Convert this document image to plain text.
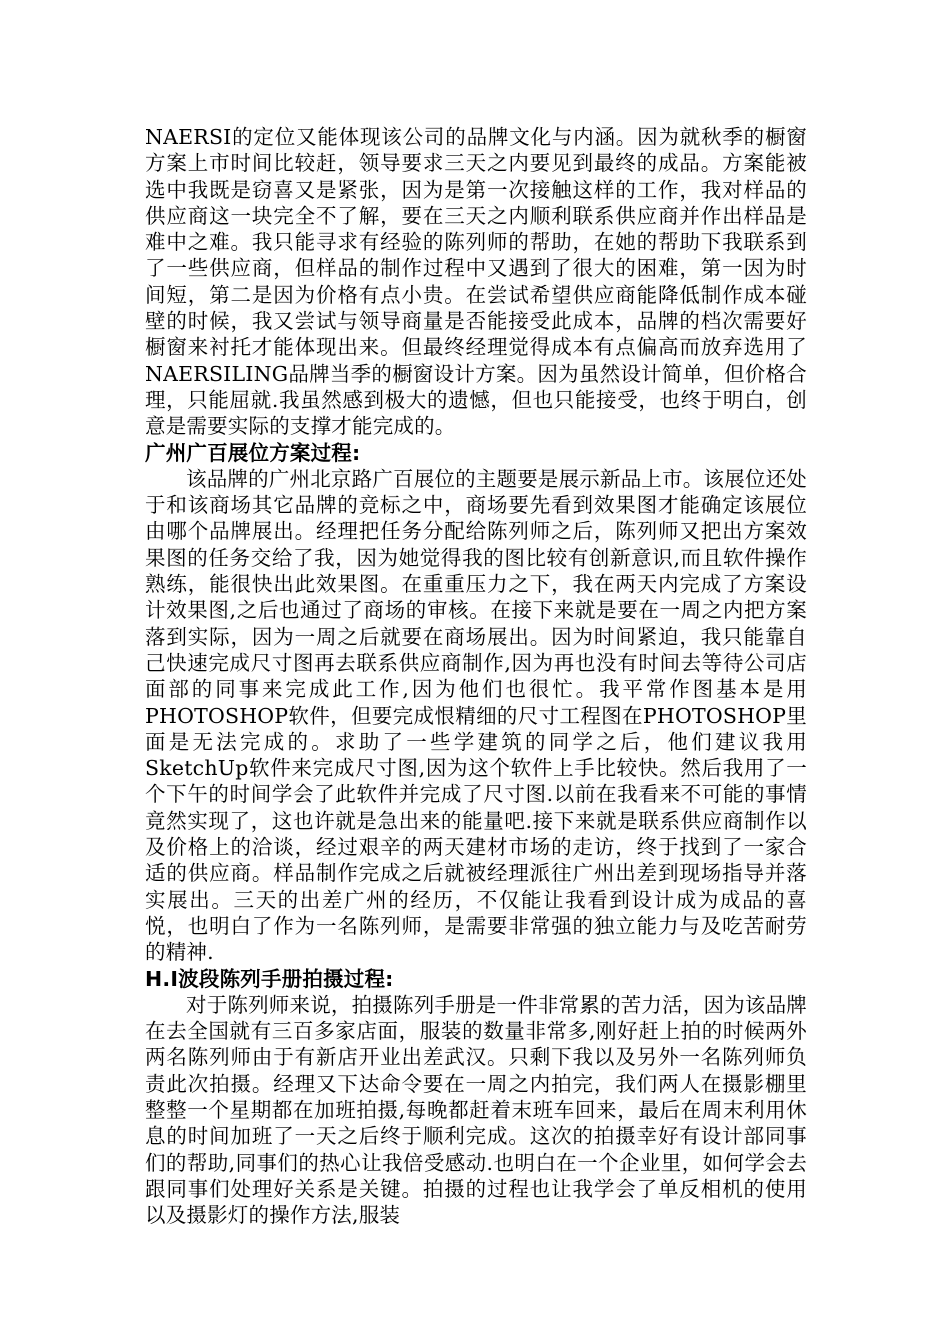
NAERSI的定位又能体现该公司的品牌文化与内涵。因为就秋季的橱窗方案上市时间比较赶，领导要求三天之内要见到最终的成品。方案能被选中我既是窃喜又是紧张，因为是第一次接触这样的工作，我对样品的供应商这一块完全不了解，要在三天之内顺利联系供应商并作出样品是难中之难。我只能寻求有经验的陈列师的帮助，在她的帮助下我联系到了一些供应商，但样品的制作过程中又遇到了很大的困难，第一因为时间短，第二是因为价格有点小贵。在尝试希望供应商能降低制作成本碰壁的时候，我又尝试与领导商量是否能接受此成本，品牌的档次需要好橱窗来衬托才能体现出来。但最终经理觉得成本有点偏高而放弃选用了NAERSILING品牌当季的橱窗设计方案。因为虽然设计简单，但价格合理，只能屈就.我虽然感到极大的遗憾，但也只能接受，也终于明白，创意是需要实际的支撑才能完成的。

广州广百展位方案过程:

该品牌的广州北京路广百展位的主题要是展示新品上市。该展位还处于和该商场其它品牌的竞标之中，商场要先看到效果图才能确定该展位由哪个品牌展出。经理把任务分配给陈列师之后，陈列师又把出方案效果图的任务交给了我，因为她觉得我的图比较有创新意识,而且软件操作熟练，能很快出此效果图。在重重压力之下，我在两天内完成了方案设计效果图,之后也通过了商场的审核。在接下来就是要在一周之内把方案落到实际，因为一周之后就要在商场展出。因为时间紧迫，我只能靠自己快速完成尺寸图再去联系供应商制作,因为再也没有时间去等待公司店面部的同事来完成此工作,因为他们也很忙。我平常作图基本是用PHOTOSHOP软件，但要完成恨精细的尺寸工程图在PHOTOSHOP里面是无法完成的。求助了一些学建筑的同学之后，他们建议我用SketchUp软件来完成尺寸图,因为这个软件上手比较快。然后我用了一个下午的时间学会了此软件并完成了尺寸图.以前在我看来不可能的事情竟然实现了，这也许就是急出来的能量吧.接下来就是联系供应商制作以及价格上的洽谈，经过艰辛的两天建材市场的走访，终于找到了一家合适的供应商。样品制作完成之后就被经理派往广州出差到现场指导并落实展出。三天的出差广州的经历，不仅能让我看到设计成为成品的喜悦，也明白了作为一名陈列师，是需要非常强的独立能力与及吃苦耐劳的精神.

H.I波段陈列手册拍摄过程:

对于陈列师来说，拍摄陈列手册是一件非常累的苦力活，因为该品牌在去全国就有三百多家店面，服装的数量非常多,刚好赶上拍的时候两外两名陈列师由于有新店开业出差武汉。只剩下我以及另外一名陈列师负责此次拍摄。经理又下达命令要在一周之内拍完，我们两人在摄影棚里整整一个星期都在加班拍摄,每晚都赶着末班车回来，最后在周末利用休息的时间加班了一天之后终于顺利完成。这次的拍摄幸好有设计部同事们的帮助,同事们的热心让我倍受感动.也明白在一个企业里，如何学会去跟同事们处理好关系是关键。拍摄的过程也让我学会了单反相机的使用以及摄影灯的操作方法,服装
